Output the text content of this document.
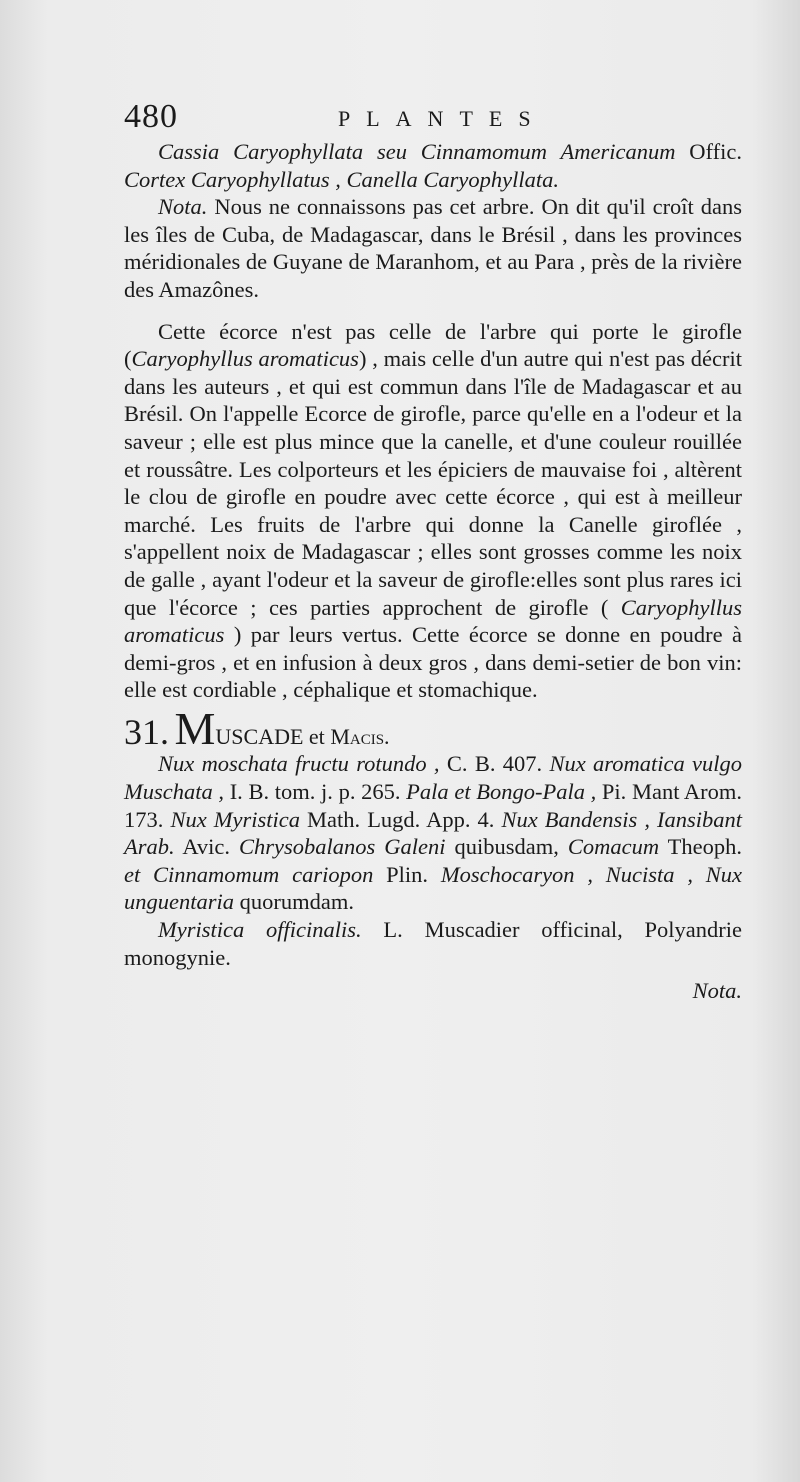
480	PLANTES

Cassia Caryophyllata seu Cinnamomum Americanum Offic. Cortex Caryophyllatus , Canella Caryophyllata.

Nota. Nous ne connaissons pas cet arbre. On dit qu'il croît dans les îles de Cuba, de Madagascar, dans le Brésil , dans les provinces méridionales de Guyane de Maranhom, et au Para , près de la rivière des Amazônes.

Cette écorce n'est pas celle de l'arbre qui porte le girofle (Caryophyllus aromaticus) , mais celle d'un autre qui n'est pas décrit dans les auteurs , et qui est commun dans l'île de Madagascar et au Brésil. On l'appelle Ecorce de girofle, parce qu'elle en a l'odeur et la saveur ; elle est plus mince que la canelle, et d'une couleur rouillée et roussâtre. Les colporteurs et les épiciers de mauvaise foi , altèrent le clou de girofle en poudre avec cette écorce , qui est à meilleur marché. Les fruits de l'arbre qui donne la Canelle giroflée , s'appellent noix de Madagascar ; elles sont grosses comme les noix de galle , ayant l'odeur et la saveur de girofle:elles sont plus rares ici que l'écorce ; ces parties approchent de girofle ( Caryophyllus aromaticus ) par leurs vertus. Cette écorce se donne en poudre à demi-gros , et en infusion à deux gros , dans demi-setier de bon vin: elle est cordiable , céphalique et stomachique.

31. MUSCADE et Macis.

Nux moschata fructu rotundo , C. B. 407. Nux aromatica vulgo Muschata , I. B. tom. j. p. 265. Pala et Bongo-Pala , Pi. Mant Arom. 173. Nux Myristica Math. Lugd. App. 4. Nux Bandensis , Iansibant Arab. Avic. Chrysobalanos Galeni quibusdam, Comacum Theoph. et Cinnamomum cariopon Plin. Moschocaryon , Nucista , Nux unguentaria quorumdam.

Myristica officinalis. L. Muscadier officinal, Polyandrie monogynie.

Nota.
